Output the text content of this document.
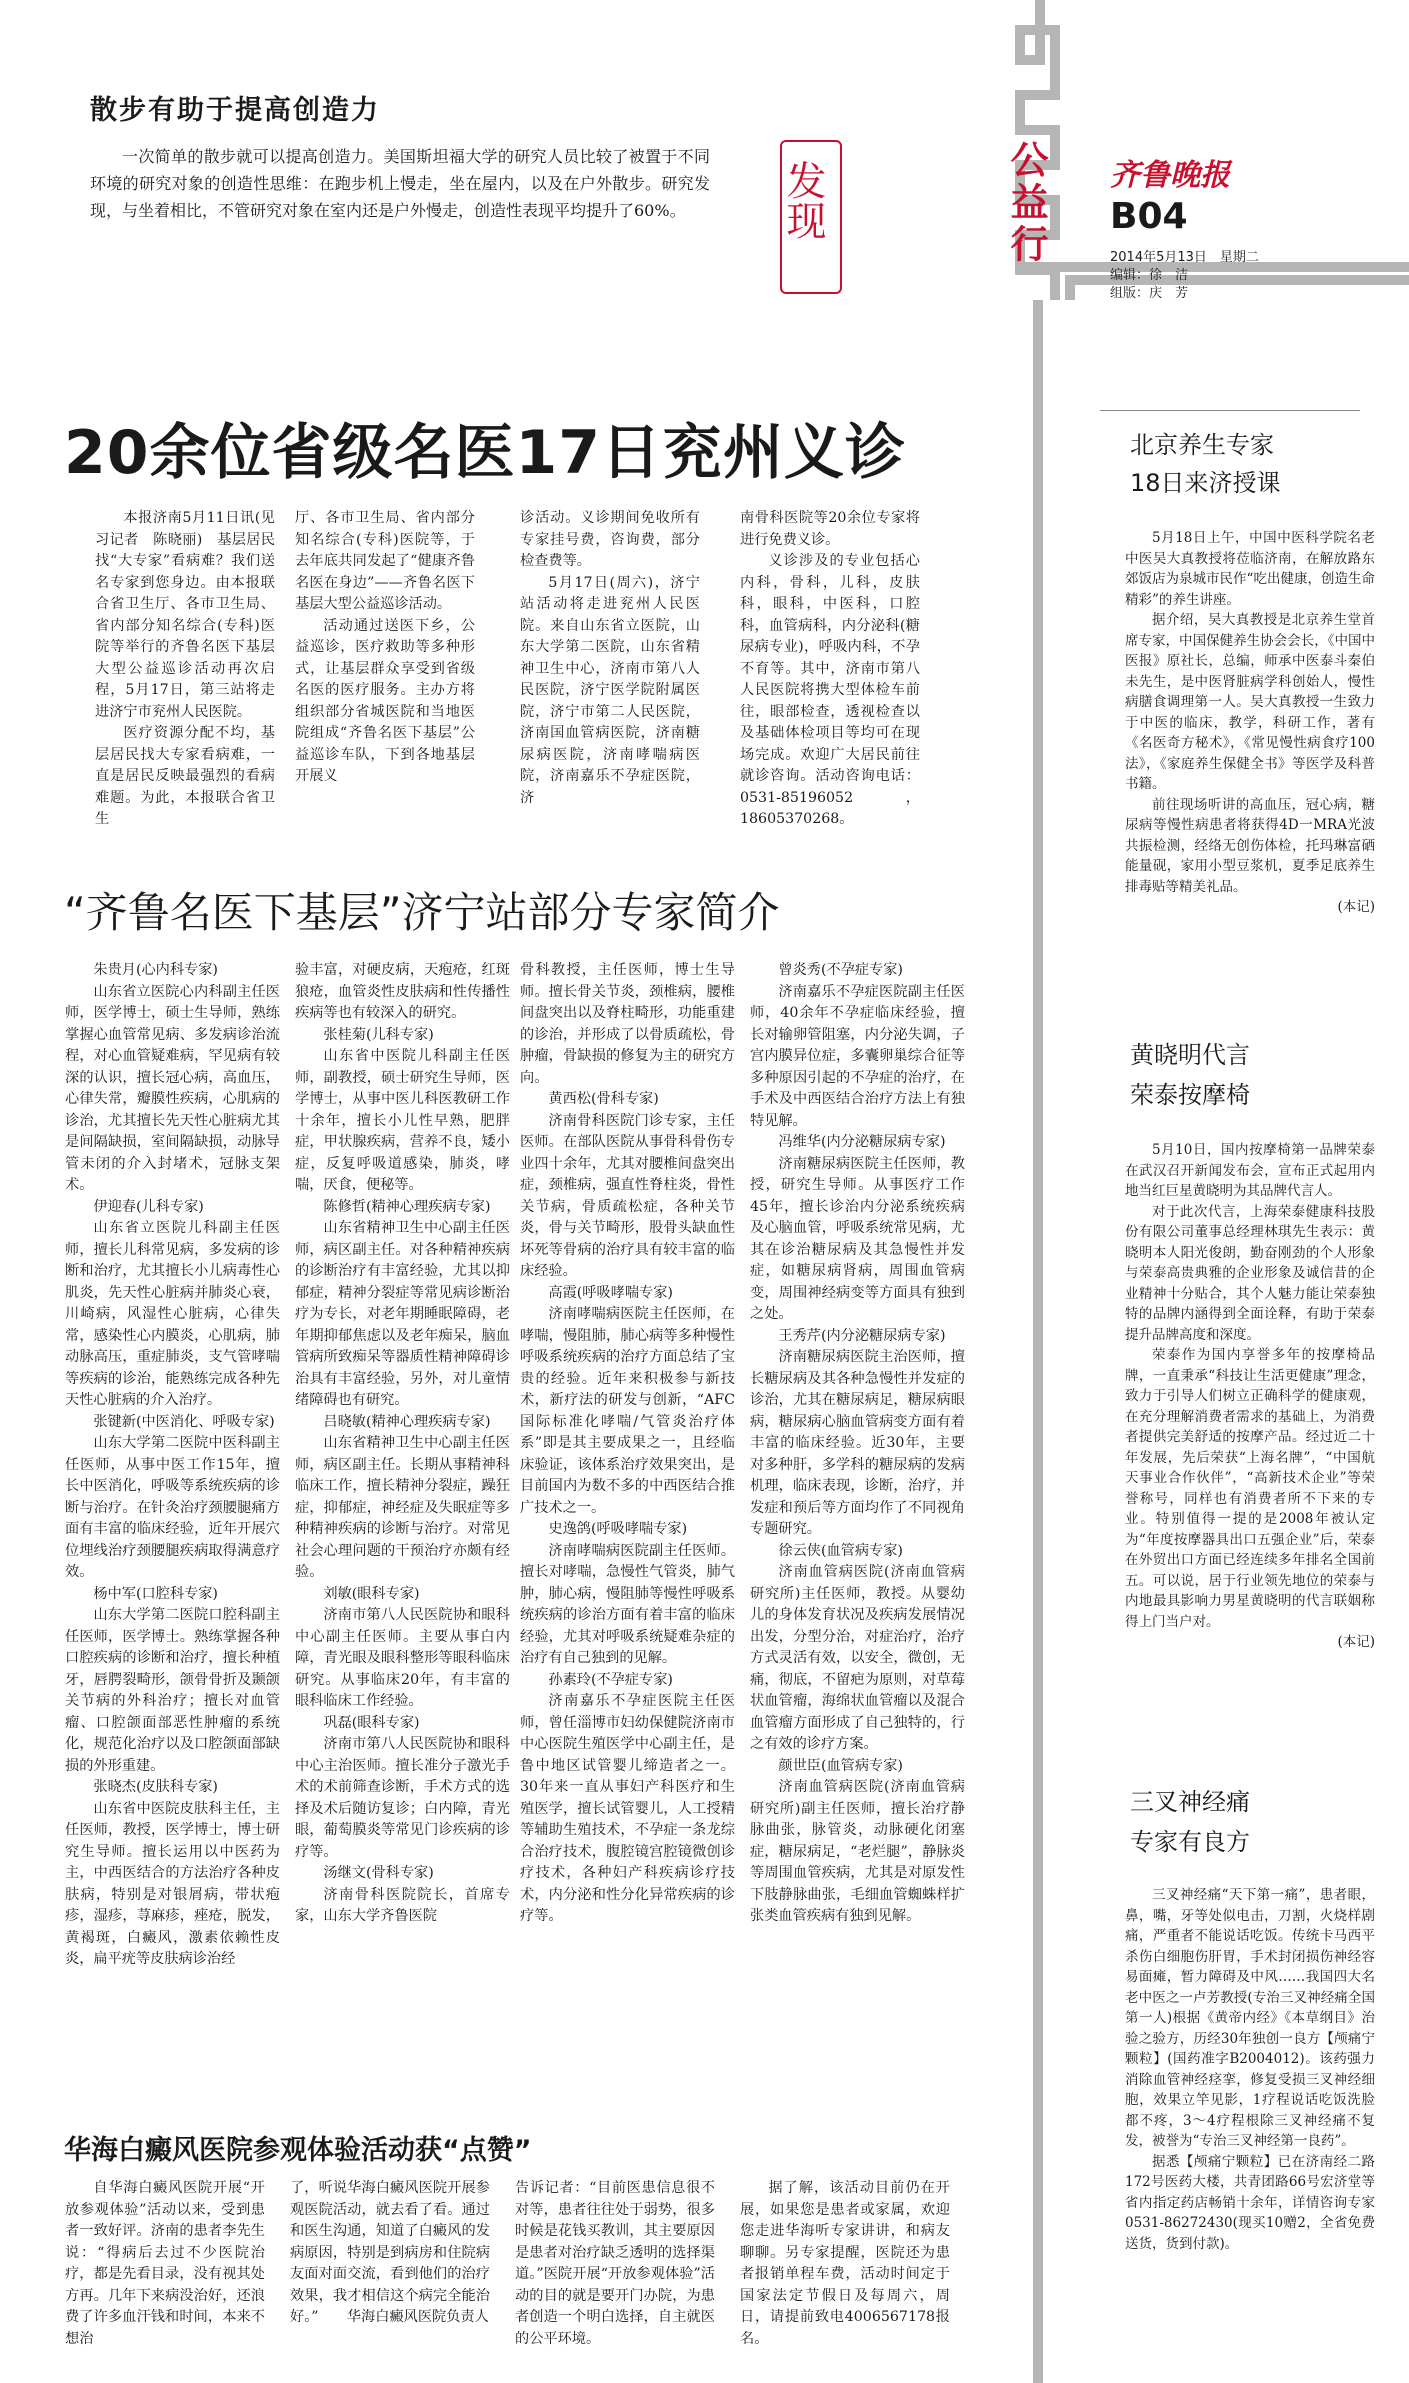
公益行 齐鲁晚报
B04
2014年5月13日　星期二
编辑：徐　洁
组版：庆　芳
散步有助于提高创造力
一次简单的散步就可以提高创造力。美国斯坦福大学的研究人员比较了被置于不同环境的研究对象的创造性思维：在跑步机上慢走，坐在屋内，以及在户外散步。研究发现，与坐着相比，不管研究对象在室内还是户外慢走，创造性表现平均提升了60%。	发现
20余位省级名医17日兖州义诊

本报济南5月11日讯(见习记者　陈晓丽)　基层居民找“大专家”看病难？我们送名专家到您身边。由本报联合省卫生厅、各市卫生局、省内部分知名综合(专科)医院等举行的齐鲁名医下基层大型公益巡诊活动再次启程，5月17日，第三站将走进济宁市兖州人民医院。

医疗资源分配不均，基层居民找大专家看病难，一直是居民反映最强烈的看病难题。为此，本报联合省卫生

厅、各市卫生局、省内部分知名综合(专科)医院等，于去年底共同发起了“健康齐鲁　名医在身边”——齐鲁名医下基层大型公益巡诊活动。

活动通过送医下乡，公益巡诊，医疗救助等多种形式，让基层群众享受到省级名医的医疗服务。主办方将组织部分省城医院和当地医院组成“齐鲁名医下基层”公益巡诊车队，下到各地基层开展义

诊活动。义诊期间免收所有专家挂号费，咨询费，部分检查费等。

5月17日(周六)，济宁站活动将走进兖州人民医院。来自山东省立医院，山东大学第二医院，山东省精神卫生中心，济南市第八人民医院，济宁医学院附属医院，济宁市第二人民医院，济南国血管病医院，济南糖尿病医院，济南哮喘病医院，济南嘉乐不孕症医院，济

南骨科医院等20余位专家将进行免费义诊。

义诊涉及的专业包括心内科，骨科，儿科，皮肤科，眼科，中医科，口腔科，血管病科，内分泌科(糖尿病专业)，呼吸内科，不孕不育等。其中，济南市第八人民医院将携大型体检车前往，眼部检查，透视检查以及基础体检项目等均可在现场完成。欢迎广大居民前往就诊咨询。活动咨询电话：0531-85196052，18605370268。

“齐鲁名医下基层”济宁站部分专家简介
朱贵月(心内科专家)

山东省立医院心内科副主任医师，医学博士，硕士生导师，熟练掌握心血管常见病、多发病诊治流程，对心血管疑难病，罕见病有较深的认识，擅长冠心病，高血压，心律失常，瓣膜性疾病，心肌病的诊治，尤其擅长先天性心脏病尤其是间隔缺损，室间隔缺损，动脉导管未闭的介入封堵术，冠脉支架术。

伊迎春(儿科专家)

山东省立医院儿科副主任医师，擅长儿科常见病，多发病的诊断和治疗，尤其擅长小儿病毒性心肌炎，先天性心脏病并肺炎心衰，川崎病，风湿性心脏病，心律失常，感染性心内膜炎，心肌病，肺动脉高压，重症肺炎，支气管哮喘等疾病的诊治，能熟练完成各种先天性心脏病的介入治疗。

张键新(中医消化、呼吸专家)

山东大学第二医院中医科副主任医师，从事中医工作15年，擅长中医消化，呼吸等系统疾病的诊断与治疗。在针灸治疗颈腰腿痛方面有丰富的临床经验，近年开展穴位埋线治疗颈腰腿疾病取得满意疗效。

杨中军(口腔科专家)

山东大学第二医院口腔科副主任医师，医学博士。熟练掌握各种口腔疾病的诊断和治疗，擅长种植牙，唇腭裂畸形，颌骨骨折及颞颌关节病的外科治疗；擅长对血管瘤、口腔颌面部恶性肿瘤的系统化，规范化治疗以及口腔颌面部缺损的外形重建。

张晓杰(皮肤科专家)

山东省中医院皮肤科主任，主任医师，教授，医学博士，博士研究生导师。擅长运用以中医药为主，中西医结合的方法治疗各种皮肤病，特别是对银屑病，带状疱疹，湿疹，荨麻疹，痤疮，脱发，黄褐斑，白癜风，激素依赖性皮炎，扁平疣等皮肤病诊治经

验丰富，对硬皮病，天疱疮，红斑狼疮，血管炎性皮肤病和性传播性疾病等也有较深入的研究。

张桂菊(儿科专家)

山东省中医院儿科副主任医师，副教授，硕士研究生导师，医学博士，从事中医儿科医教研工作十余年，擅长小儿性早熟，肥胖症，甲状腺疾病，营养不良，矮小症，反复呼吸道感染，肺炎，哮喘，厌食，便秘等。

陈修哲(精神心理疾病专家)

山东省精神卫生中心副主任医师，病区副主任。对各种精神疾病的诊断治疗有丰富经验，尤其以抑郁症，精神分裂症等常见病诊断治疗为专长，对老年期睡眠障碍，老年期抑郁焦虑以及老年痴呆，脑血管病所致痴呆等器质性精神障碍诊治具有丰富经验，另外，对儿童情绪障碍也有研究。

吕晓敏(精神心理疾病专家)

山东省精神卫生中心副主任医师，病区副主任。长期从事精神科临床工作，擅长精神分裂症，躁狂症，抑郁症，神经症及失眠症等多种精神疾病的诊断与治疗。对常见社会心理问题的干预治疗亦颇有经验。

刘敏(眼科专家)

济南市第八人民医院协和眼科中心副主任医师。主要从事白内障，青光眼及眼科整形等眼科临床研究。从事临床20年，有丰富的眼科临床工作经验。

巩磊(眼科专家)

济南市第八人民医院协和眼科中心主治医师。擅长准分子激光手术的术前筛查诊断，手术方式的选择及术后随访复诊；白内障，青光眼，葡萄膜炎等常见门诊疾病的诊疗等。

汤继文(骨科专家)

济南骨科医院院长，首席专家，山东大学齐鲁医院

骨科教授，主任医师，博士生导师。擅长骨关节炎，颈椎病，腰椎间盘突出以及脊柱畸形，功能重建的诊治，并形成了以骨质疏松，骨肿瘤，骨缺损的修复为主的研究方向。

黄西松(骨科专家)

济南骨科医院门诊专家，主任医师。在部队医院从事骨科骨伤专业四十余年，尤其对腰椎间盘突出症，颈椎病，强直性脊柱炎，骨性关节病，骨质疏松症，各种关节炎，骨与关节畸形，股骨头缺血性坏死等骨病的治疗具有较丰富的临床经验。

高霞(呼吸哮喘专家)

济南哮喘病医院主任医师，在哮喘，慢阻肺，肺心病等多种慢性呼吸系统疾病的治疗方面总结了宝贵的经验。近年来积极参与新技术，新疗法的研发与创新，“AFC国际标准化哮喘/气管炎治疗体系”即是其主要成果之一，且经临床验证，该体系治疗效果突出，是目前国内为数不多的中西医结合推广技术之一。

史逸鸽(呼吸哮喘专家)

济南哮喘病医院副主任医师。擅长对哮喘，急慢性气管炎，肺气肿，肺心病，慢阻肺等慢性呼吸系统疾病的诊治方面有着丰富的临床经验，尤其对呼吸系统疑难杂症的治疗有自己独到的见解。

孙素玲(不孕症专家)

济南嘉乐不孕症医院主任医师，曾任淄博市妇幼保健院济南市中心医院生殖医学中心副主任，是鲁中地区试管婴儿缔造者之一。30年来一直从事妇产科医疗和生殖医学，擅长试管婴儿，人工授精等辅助生殖技术，不孕症一条龙综合治疗技术，腹腔镜宫腔镜微创诊疗技术，各种妇产科疾病诊疗技术，内分泌和性分化异常疾病的诊疗等。

曾炎秀(不孕症专家)

济南嘉乐不孕症医院副主任医师，40余年不孕症临床经验，擅长对输卵管阻塞，内分泌失调，子宫内膜异位症，多囊卵巢综合征等多种原因引起的不孕症的治疗，在手术及中西医结合治疗方法上有独特见解。

冯维华(内分泌糖尿病专家)

济南糖尿病医院主任医师，教授，研究生导师。从事医疗工作45年，擅长诊治内分泌系统疾病及心脑血管，呼吸系统常见病，尤其在诊治糖尿病及其急慢性并发症，如糖尿病肾病，周围血管病变，周围神经病变等方面具有独到之处。

王秀芹(内分泌糖尿病专家)

济南糖尿病医院主治医师，擅长糖尿病及其各种急慢性并发症的诊治，尤其在糖尿病足，糖尿病眼病，糖尿病心脑血管病变方面有着丰富的临床经验。近30年，主要对多种肝，多学科的糖尿病的发病机理，临床表现，诊断，治疗，并发症和预后等方面均作了不同视角专题研究。

徐云侠(血管病专家)

济南血管病医院(济南血管病研究所)主任医师，教授。从婴幼儿的身体发育状况及疾病发展情况出发，分型分治，对症治疗，治疗方式灵活有效，以安全，微创，无痛，彻底，不留疤为原则，对草莓状血管瘤，海绵状血管瘤以及混合血管瘤方面形成了自己独特的，行之有效的诊疗方案。

颜世臣(血管病专家)

济南血管病医院(济南血管病研究所)副主任医师，擅长治疗静脉曲张，脉管炎，动脉硬化闭塞症，糖尿病足，“老烂腿”，静脉炎等周围血管疾病，尤其是对原发性下肢静脉曲张，毛细血管蜘蛛样扩张类血管疾病有独到见解。

华海白癜风医院参观体验活动获“点赞”

自华海白癜风医院开展“开放参观体验”活动以来，受到患者一致好评。济南的患者李先生说：“得病后去过不少医院治疗，都是先看目录，没有视其处方再。几年下来病没治好，还浪费了许多血汗钱和时间，本来不想治

了，听说华海白癜风医院开展参观医院活动，就去看了看。通过和医生沟通，知道了白癜风的发病原因，特别是到病房和住院病友面对面交流，看到他们的治疗效果，我才相信这个病完全能治好。”　　华海白癜风医院负责人

告诉记者：“目前医患信息很不对等，患者往往处于弱势，很多时候是花钱买教训，其主要原因是患者对治疗缺乏透明的选择渠道。”医院开展“开放参观体验”活动的目的就是要开门办院，为患者创造一个明白选择，自主就医的公平环境。

据了解，该活动目前仍在开展，如果您是患者或家属，欢迎您走进华海听专家讲讲，和病友聊聊。另专家提醒，医院还为患者报销单程车费，活动时间定于国家法定节假日及每周六，周日，请提前致电4006567178报名。

北京养生专家
18日来济授课

5月18日上午，中国中医科学院名老中医吴大真教授将莅临济南，在解放路东郊饭店为泉城市民作“吃出健康，创造生命精彩”的养生讲座。

据介绍，吴大真教授是北京养生堂首席专家，中国保健养生协会会长，《中国中医报》原社长，总编，师承中医泰斗秦伯未先生，是中医肾脏病学科创始人，慢性病膳食调理第一人。吴大真教授一生致力于中医的临床，教学，科研工作，著有《名医奇方秘术》，《常见慢性病食疗100法》，《家庭养生保健全书》等医学及科普书籍。

前往现场听讲的高血压，冠心病，糖尿病等慢性病患者将获得4D一MRA光波共振检测，经络无创伤体检，托玛琳富硒能量砚，家用小型豆浆机，夏季足底养生排毒贴等精美礼品。

(本记)

黄晓明代言
荣泰按摩椅

5月10日，国内按摩椅第一品牌荣泰在武汉召开新闻发布会，宣布正式起用内地当红巨星黄晓明为其品牌代言人。

对于此次代言，上海荣泰健康科技股份有限公司董事总经理林琪先生表示：黄晓明本人阳光俊朗，勤奋刚劲的个人形象与荣泰高贵典雅的企业形象及诚信昔的企业精神十分贴合，其个人魅力能让荣泰独特的品牌内涵得到全面诠释，有助于荣泰提升品牌高度和深度。

荣泰作为国内享誉多年的按摩椅品牌，一直秉承“科技让生活更健康”理念，致力于引导人们树立正确科学的健康观，在充分理解消费者需求的基础上，为消费者提供完美舒适的按摩产品。经过近二十年发展，先后荣获“上海名牌”，“中国航天事业合作伙伴”，“高新技术企业”等荣誉称号，同样也有消费者所不下来的专业。特别值得一提的是2008年被认定为“年度按摩器具出口五强企业”后，荣泰在外贸出口方面已经连续多年排名全国前五。可以说，居于行业领先地位的荣泰与内地最具影响力男星黄晓明的代言联姻称得上门当户对。

(本记)

三叉神经痛
专家有良方

三叉神经痛“天下第一痛”，患者眼，鼻，嘴，牙等处似电击，刀割，火烧样剧痛，严重者不能说话吃饭。传统卡马西平杀伤白细胞伤肝胃，手术封闭损伤神经容易面瘫，暂力障碍及中风……我国四大名老中医之一卢芳教授(专治三叉神经痛全国第一人)根据《黄帝内经》《本草纲目》治验之验方，历经30年独创一良方【颅痛宁颗粒】(国药准字B2004012)。该药强力消除血管神经痉挛，修复受损三叉神经细胞，效果立竿见影，1疗程说话吃饭洗脸都不疼，3～4疗程根除三叉神经痛不复发，被誉为“专治三叉神经第一良药”。

据悉【颅痛宁颗粒】已在济南经二路172号医药大楼，共青团路66号宏济堂等省内指定药店畅销十余年，详情咨询专家0531-86272430(现买10赠2，全省免费送货，货到付款)。
